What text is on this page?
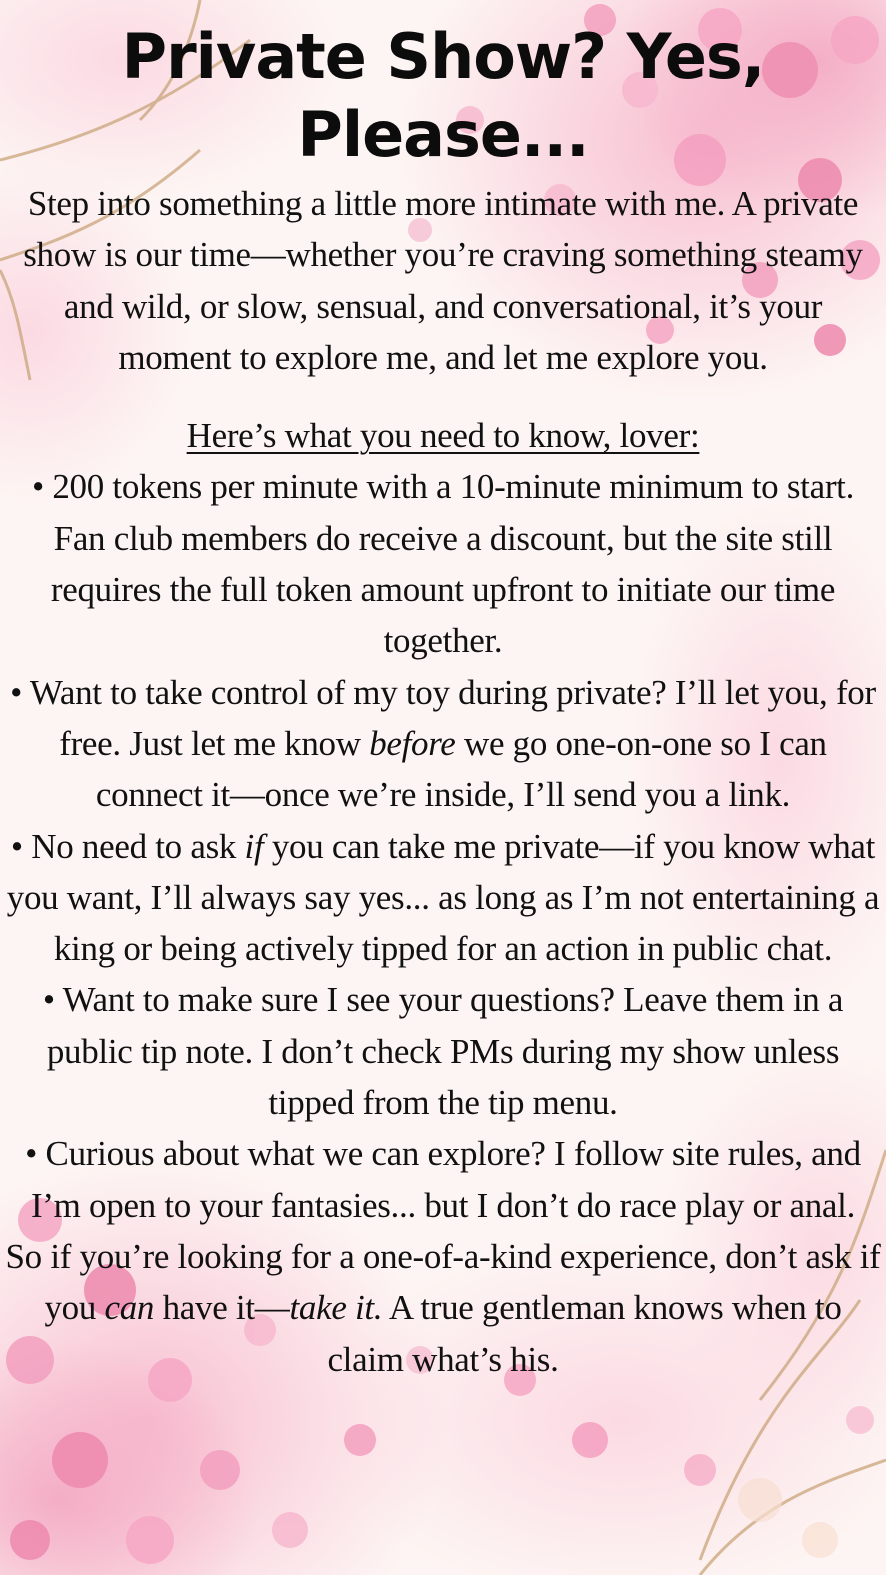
Private Show? Yes, Please...

Step into something a little more intimate with me. A private show is our time—whether you’re craving something steamy and wild, or slow, sensual, and conversational, it’s your moment to explore me, and let me explore you.

Here’s what you need to know, lover:

• 200 tokens per minute with a 10-minute minimum to start. Fan club members do receive a discount, but the site still requires the full token amount upfront to initiate our time together.
• Want to take control of my toy during private? I’ll let you, for free. Just let me know before we go one-on-one so I can connect it—once we’re inside, I’ll send you a link.
• No need to ask if you can take me private—if you know what you want, I’ll always say yes... as long as I’m not entertaining a king or being actively tipped for an action in public chat.
• Want to make sure I see your questions? Leave them in a public tip note. I don’t check PMs during my show unless tipped from the tip menu.
• Curious about what we can explore? I follow site rules, and I’m open to your fantasies... but I don’t do race play or anal.
So if you’re looking for a one-of-a-kind experience, don’t ask if you can have it—take it. A true gentleman knows when to claim what’s his.
